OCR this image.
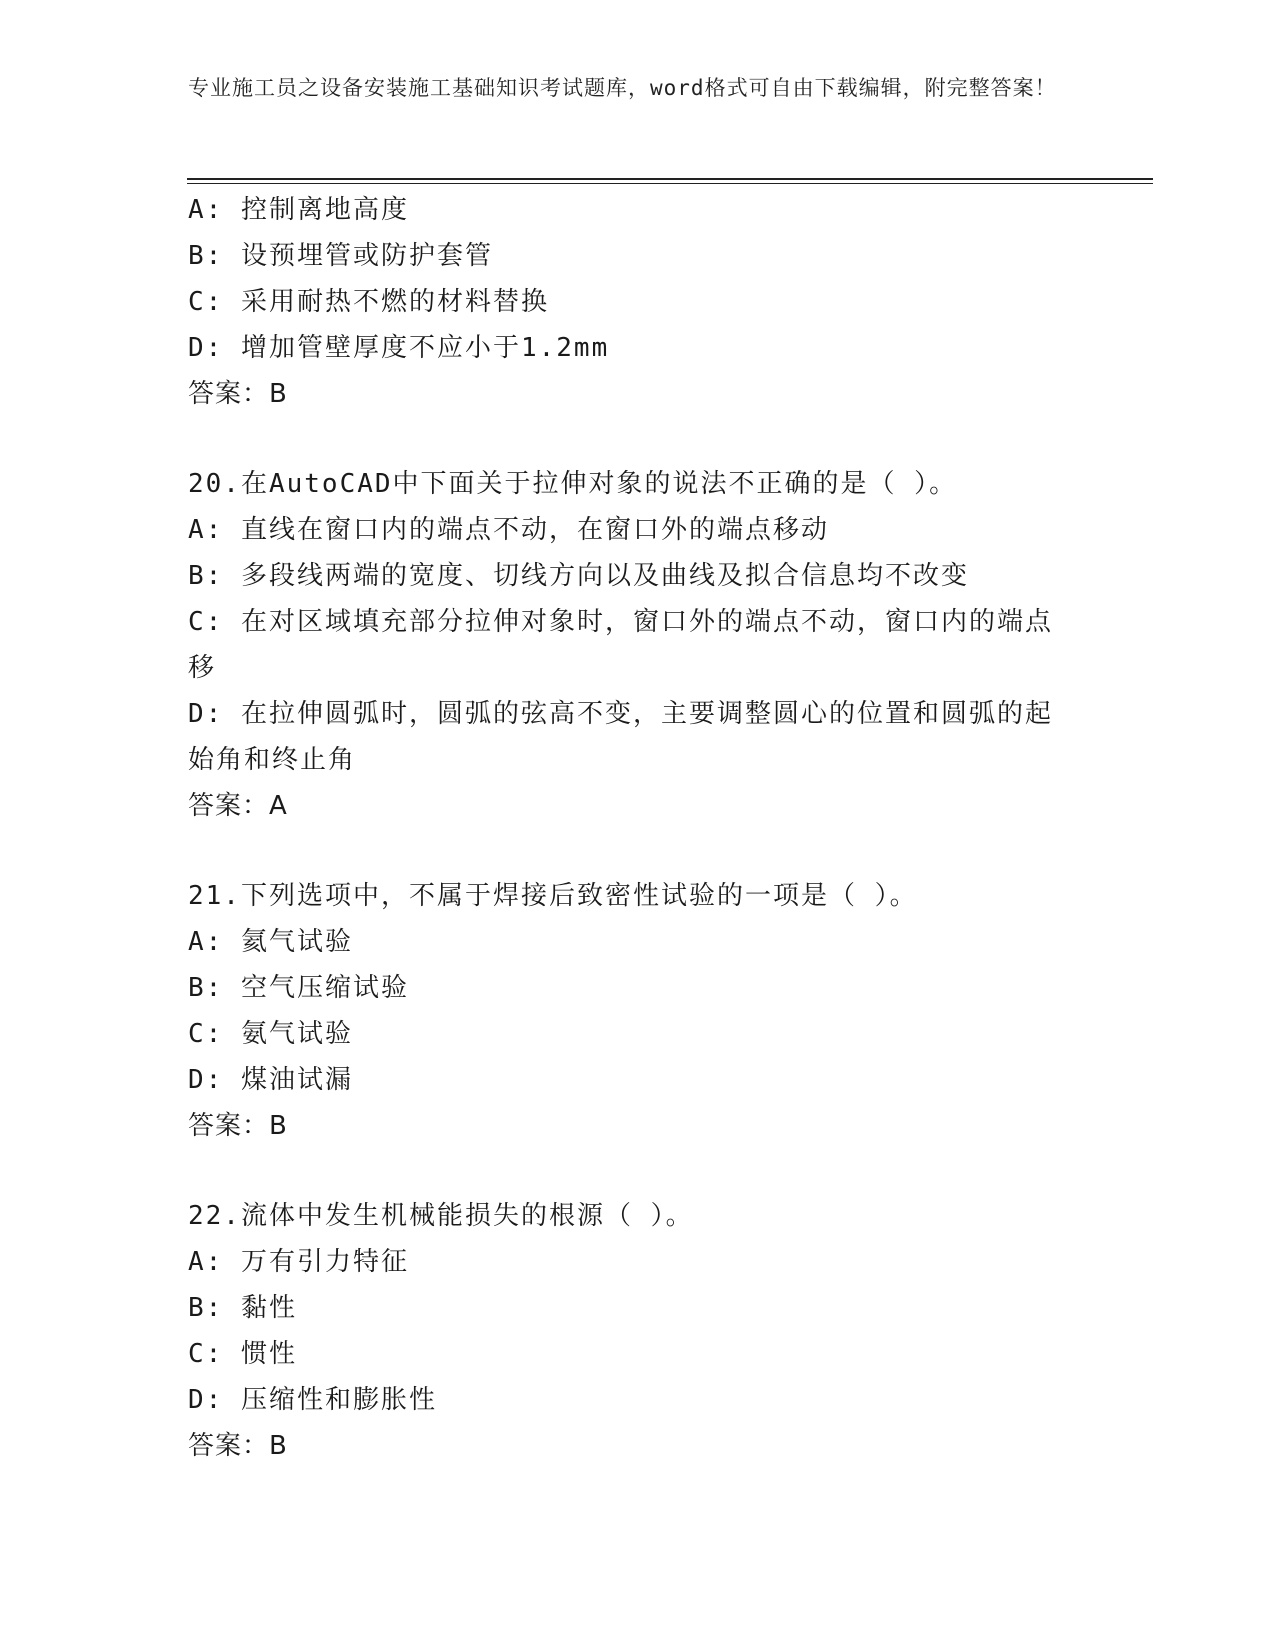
专业施工员之设备安装施工基础知识考试题库，word格式可自由下载编辑，附完整答案！

A: 控制离地高度

B: 设预埋管或防护套管

C: 采用耐热不燃的材料替换

D: 增加管壁厚度不应小于1.2mm

答案：B

20.在AutoCAD中下面关于拉伸对象的说法不正确的是（ ）。

A: 直线在窗口内的端点不动，在窗口外的端点移动

B: 多段线两端的宽度、切线方向以及曲线及拟合信息均不改变

C: 在对区域填充部分拉伸对象时，窗口外的端点不动，窗口内的端点移

D: 在拉伸圆弧时，圆弧的弦高不变，主要调整圆心的位置和圆弧的起始角和终止角

答案：A

21.下列选项中，不属于焊接后致密性试验的一项是（ ）。

A: 氦气试验

B: 空气压缩试验

C: 氨气试验

D: 煤油试漏

答案：B

22.流体中发生机械能损失的根源（ ）。

A: 万有引力特征

B: 黏性

C: 惯性

D: 压缩性和膨胀性

答案：B
